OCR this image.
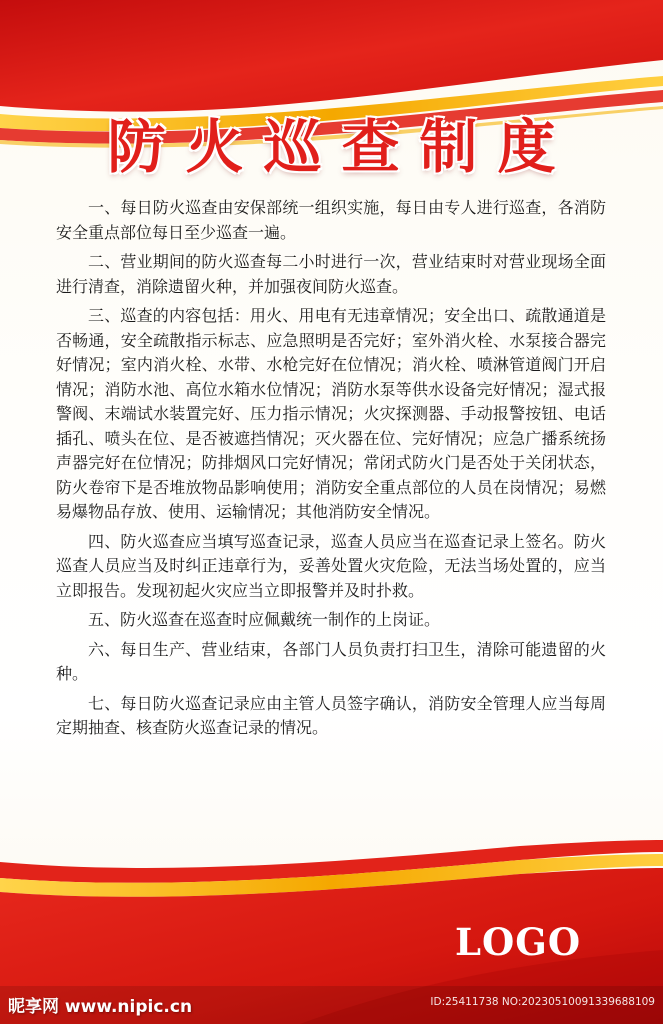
防火巡查制度

一、每日防火巡查由安保部统一组织实施，每日由专人进行巡查，各消防安全重点部位每日至少巡查一遍。

二、营业期间的防火巡查每二小时进行一次，营业结束时对营业现场全面进行清查，消除遗留火种，并加强夜间防火巡查。

三、巡查的内容包括：用火、用电有无违章情况；安全出口、疏散通道是否畅通，安全疏散指示标志、应急照明是否完好；室外消火栓、水泵接合器完好情况；室内消火栓、水带、水枪完好在位情况；消火栓、喷淋管道阀门开启情况；消防水池、高位水箱水位情况；消防水泵等供水设备完好情况；湿式报警阀、末端试水装置完好、压力指示情况；火灾探测器、手动报警按钮、电话插孔、喷头在位、是否被遮挡情况；灭火器在位、完好情况；应急广播系统扬声器完好在位情况；防排烟风口完好情况；常闭式防火门是否处于关闭状态，防火卷帘下是否堆放物品影响使用；消防安全重点部位的人员在岗情况；易燃易爆物品存放、使用、运输情况；其他消防安全情况。

四、防火巡查应当填写巡查记录，巡查人员应当在巡查记录上签名。防火巡查人员应当及时纠正违章行为，妥善处置火灾危险，无法当场处置的，应当立即报告。发现初起火灾应当立即报警并及时扑救。

五、防火巡查在巡查时应佩戴统一制作的上岗证。

六、每日生产、营业结束，各部门人员负责打扫卫生，清除可能遗留的火种。

七、每日防火巡查记录应由主管人员签字确认，消防安全管理人应当每周定期抽查、核查防火巡查记录的情况。

LOGO
昵享网 www.nipic.cn	ID:25411738 NO:20230510091339688109
